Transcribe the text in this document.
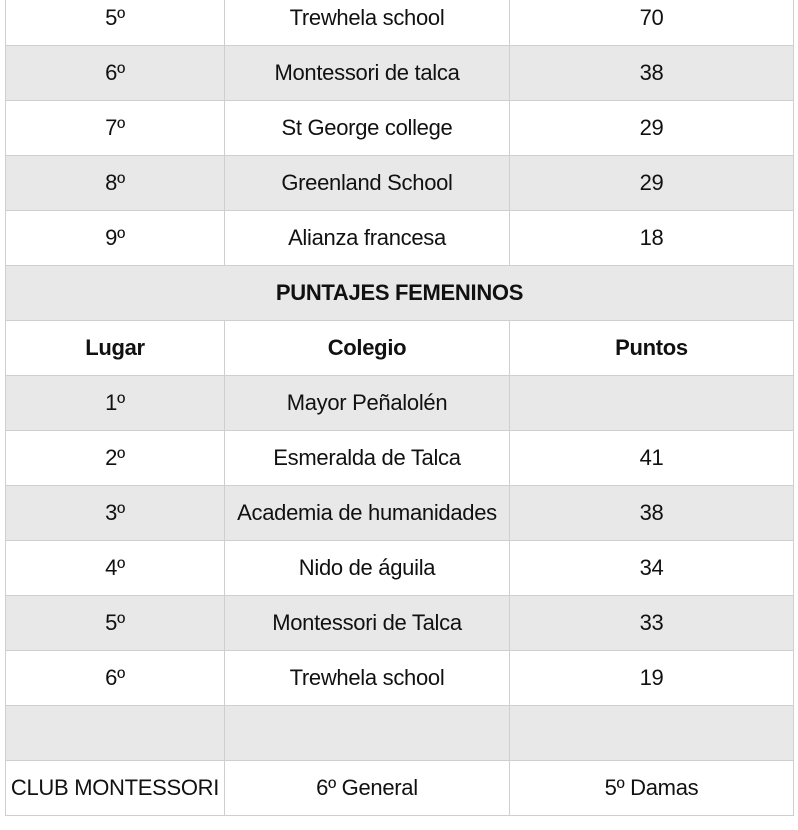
5º	Trewhela school	70
6º	Montessori de talca	38
7º	St George college	29
8º	Greenland School	29
9º	Alianza francesa	18
PUNTAJES FEMENINOS		
Lugar	Colegio	Puntos
1º	Mayor Peñalolén	
2º	Esmeralda de Talca	41
3º	Academia de humanidades	38
4º	Nido de águila	34
5º	Montessori de Talca	33
6º	Trewhela school	19

CLUB MONTESSORI	6º General	5º Damas
